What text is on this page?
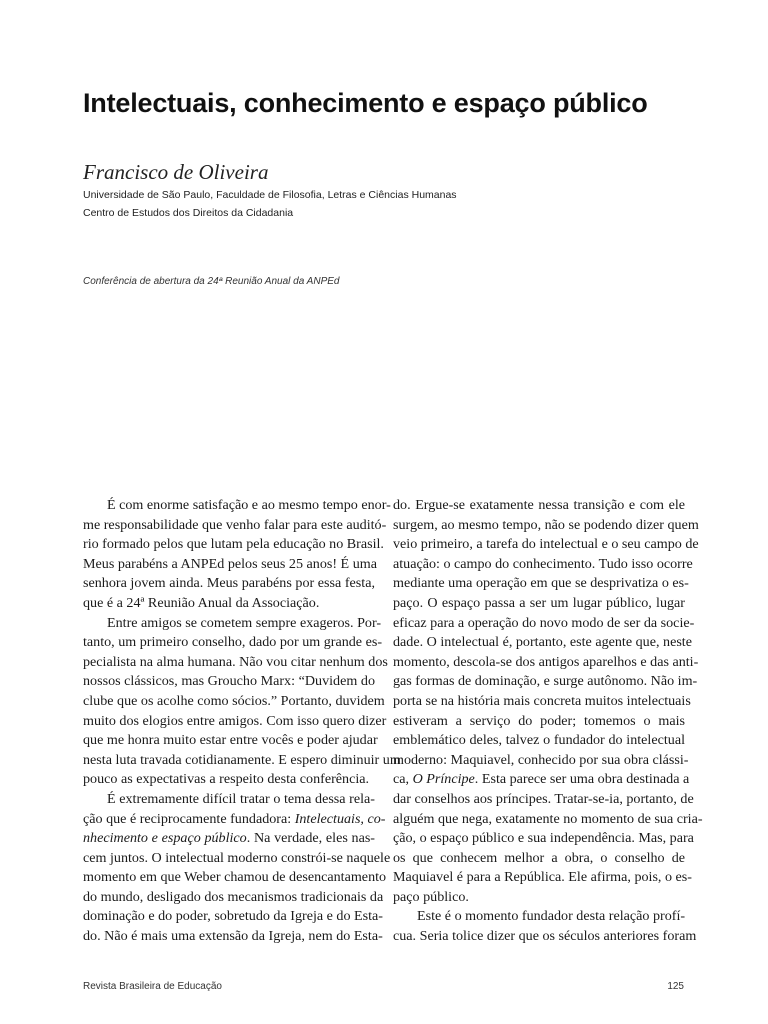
Intelectuais, conhecimento e espaço público

Francisco de Oliveira

Universidade de São Paulo, Faculdade de Filosofia, Letras e Ciências Humanas

Centro de Estudos dos Direitos da Cidadania

Conferência de abertura da 24ª Reunião Anual da ANPEd

É com enorme satisfação e ao mesmo tempo enor-
me responsabilidade que venho falar para este auditó-
rio formado pelos que lutam pela educação no Brasil.
Meus parabéns a ANPEd pelos seus 25 anos! É uma
senhora jovem ainda. Meus parabéns por essa festa,
que é a 24ª Reunião Anual da Associação.
Entre amigos se cometem sempre exageros. Por-
tanto, um primeiro conselho, dado por um grande es-
pecialista na alma humana. Não vou citar nenhum dos
nossos clássicos, mas Groucho Marx: “Duvidem do
clube que os acolhe como sócios.” Portanto, duvidem
muito dos elogios entre amigos. Com isso quero dizer
que me honra muito estar entre vocês e poder ajudar
nesta luta travada cotidianamente. E espero diminuir um
pouco as expectativas a respeito desta conferência.
É extremamente difícil tratar o tema dessa rela-
ção que é reciprocamente fundadora: Intelectuais, co-
nhecimento e espaço público. Na verdade, eles nas-
cem juntos. O intelectual moderno constrói-se naquele
momento em que Weber chamou de desencantamento
do mundo, desligado dos mecanismos tradicionais da
dominação e do poder, sobretudo da Igreja e do Esta-
do. Não é mais uma extensão da Igreja, nem do Esta-
do. Ergue-se exatamente nessa transição e com ele
surgem, ao mesmo tempo, não se podendo dizer quem
veio primeiro, a tarefa do intelectual e o seu campo de
atuação: o campo do conhecimento. Tudo isso ocorre
mediante uma operação em que se desprivatiza o es-
paço. O espaço passa a ser um lugar público, lugar
eficaz para a operação do novo modo de ser da socie-
dade. O intelectual é, portanto, este agente que, neste
momento, descola-se dos antigos aparelhos e das anti-
gas formas de dominação, e surge autônomo. Não im-
porta se na história mais concreta muitos intelectuais
estiveram a serviço do poder; tomemos o mais
emblemático deles, talvez o fundador do intelectual
moderno: Maquiavel, conhecido por sua obra clássi-
ca, O Príncipe. Esta parece ser uma obra destinada a
dar conselhos aos príncipes. Tratar-se-ia, portanto, de
alguém que nega, exatamente no momento de sua cria-
ção, o espaço público e sua independência. Mas, para
os que conhecem melhor a obra, o conselho de
Maquiavel é para a República. Ele afirma, pois, o es-
paço público.
Este é o momento fundador desta relação profí-
cua. Seria tolice dizer que os séculos anteriores foram

Revista Brasileira de Educação	125
